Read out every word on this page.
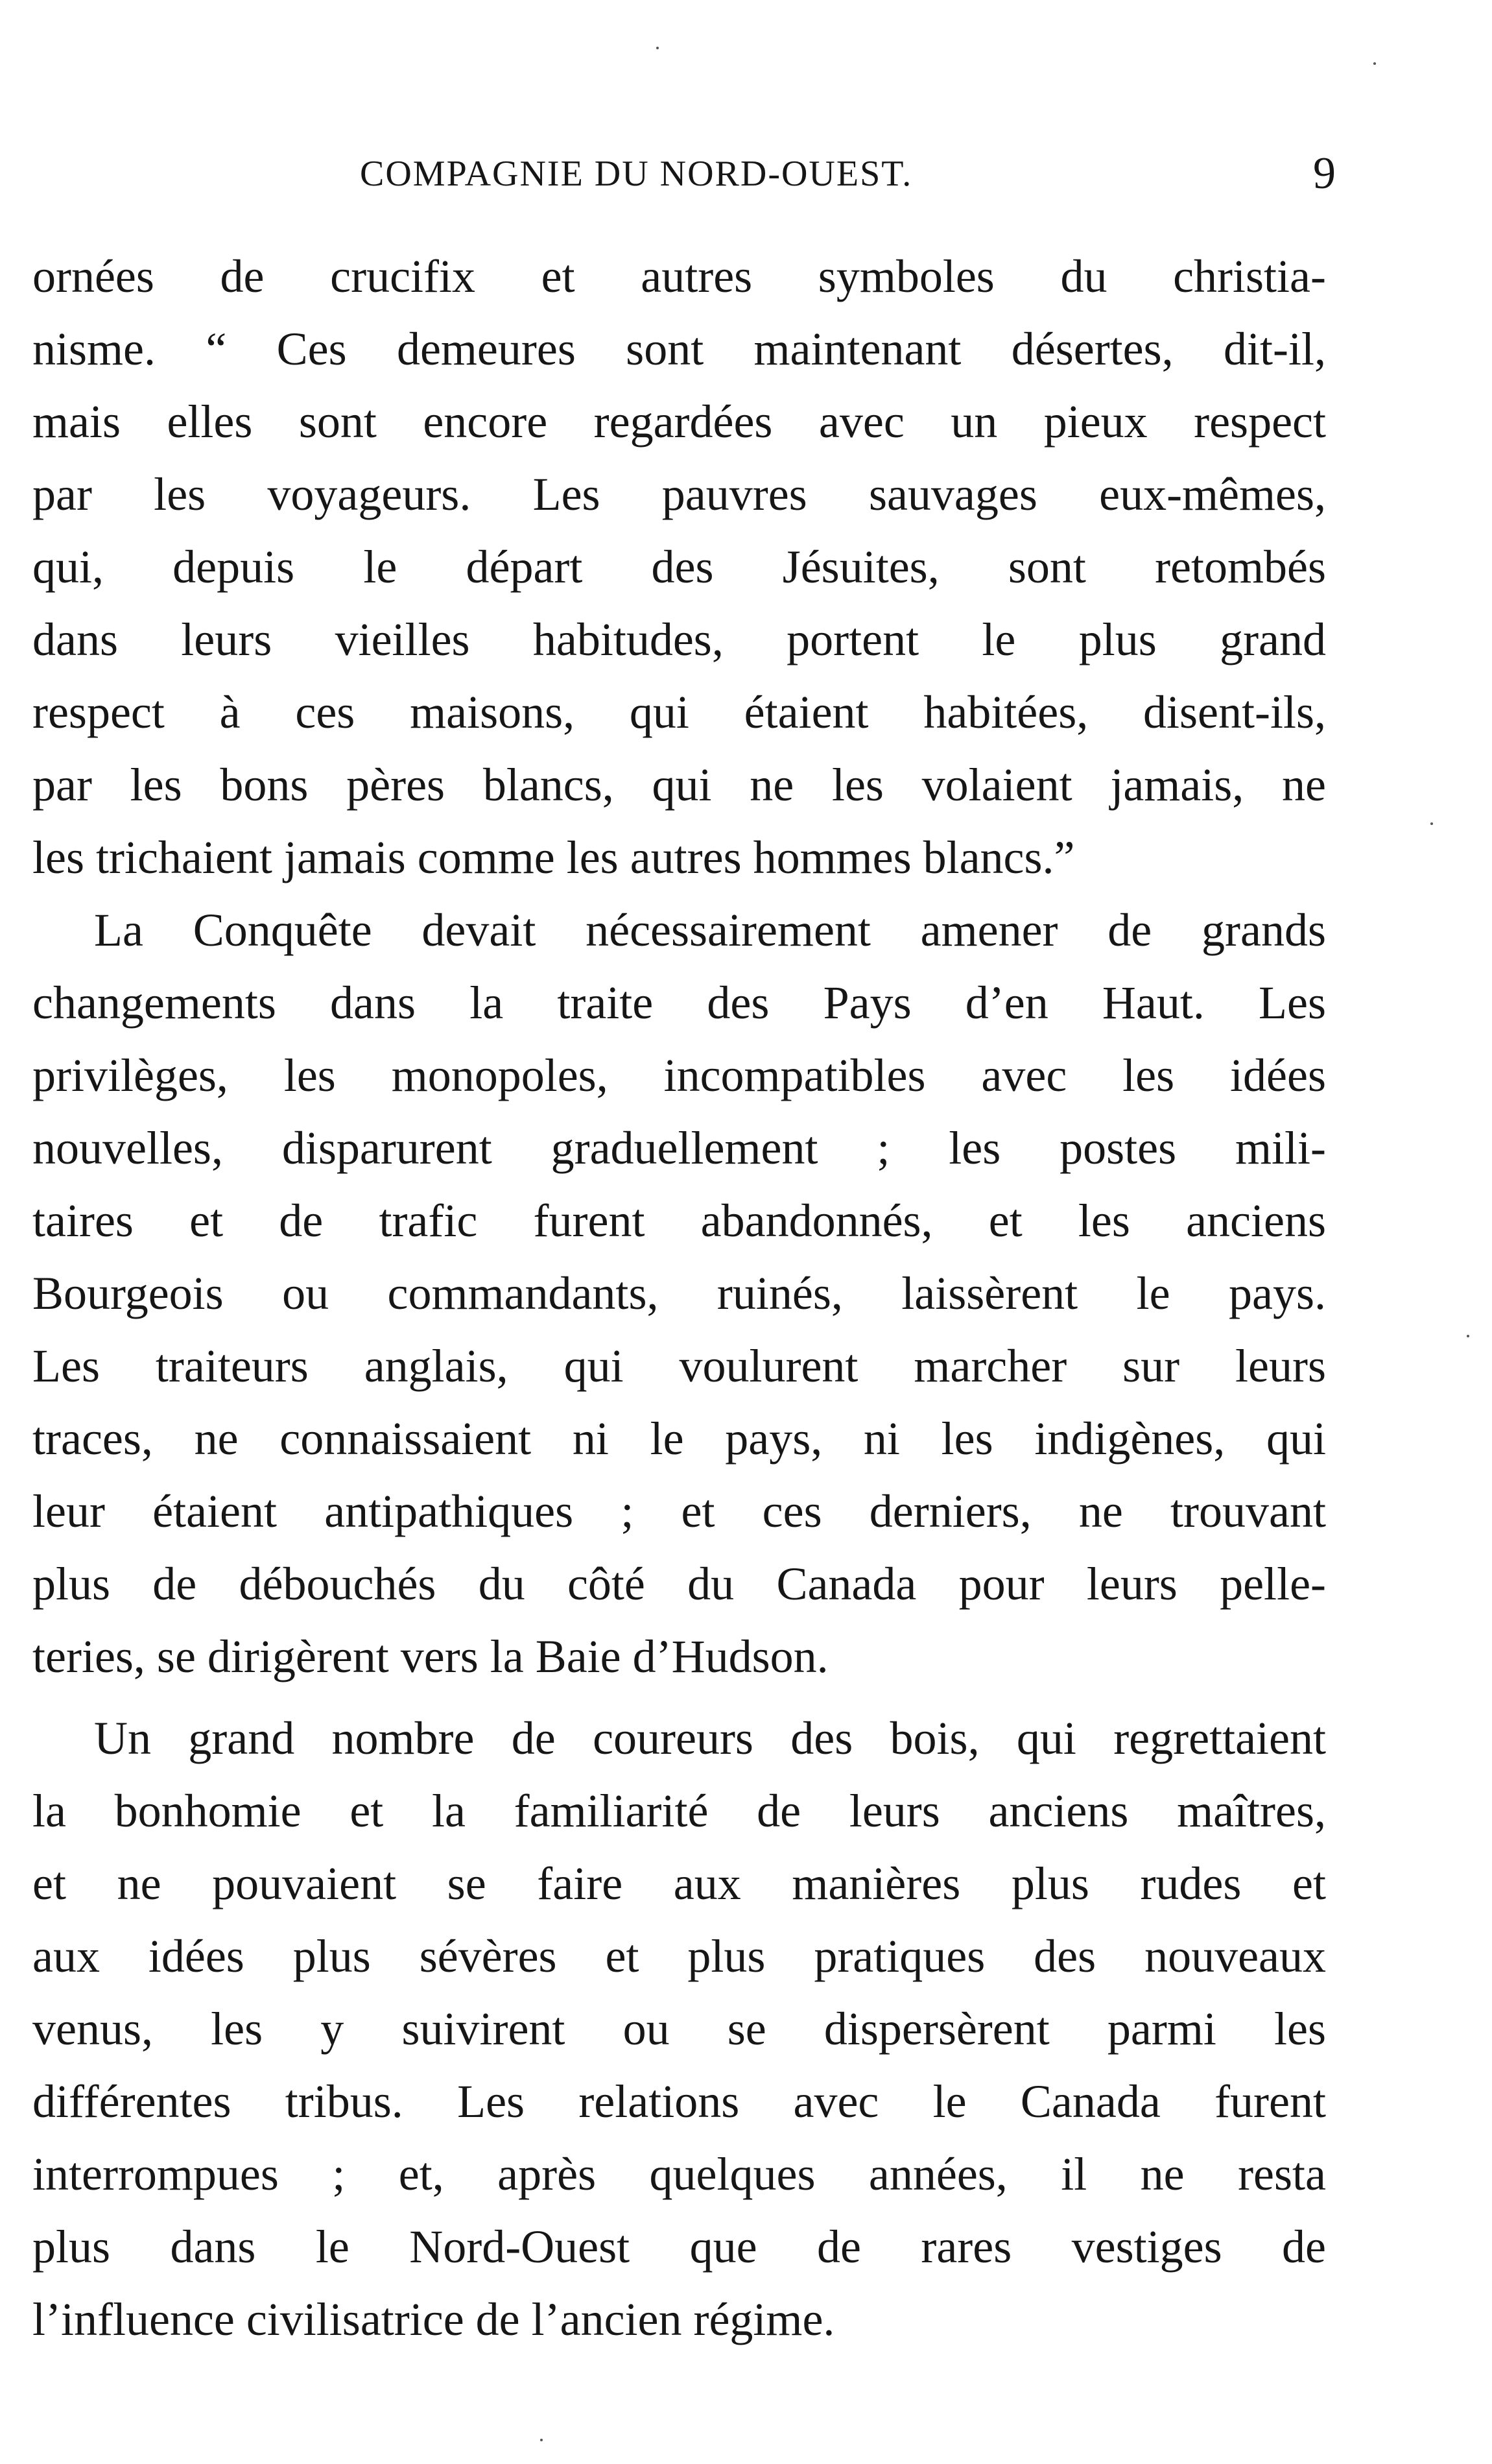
COMPAGNIE DU NORD-OUEST.	9
ornées de crucifix et autres symboles du christia-
nisme. “ Ces demeures sont maintenant désertes, dit-il,
mais elles sont encore regardées avec un pieux respect
par les voyageurs. Les pauvres sauvages eux-mêmes,
qui, depuis le départ des Jésuites, sont retombés
dans leurs vieilles habitudes, portent le plus grand
respect à ces maisons, qui étaient habitées, disent-ils,
par les bons pères blancs, qui ne les volaient jamais, ne
les trichaient jamais comme les autres hommes blancs.”
La Conquête devait nécessairement amener de grands
changements dans la traite des Pays d’en Haut. Les
privilèges, les monopoles, incompatibles avec les idées
nouvelles, disparurent graduellement ; les postes mili-
taires et de trafic furent abandonnés, et les anciens
Bourgeois ou commandants, ruinés, laissèrent le pays.
Les traiteurs anglais, qui voulurent marcher sur leurs
traces, ne connaissaient ni le pays, ni les indigènes, qui
leur étaient antipathiques ; et ces derniers, ne trouvant
plus de débouchés du côté du Canada pour leurs pelle-
teries, se dirigèrent vers la Baie d’Hudson.
Un grand nombre de coureurs des bois, qui regrettaient
la bonhomie et la familiarité de leurs anciens maîtres,
et ne pouvaient se faire aux manières plus rudes et
aux idées plus sévères et plus pratiques des nouveaux
venus, les y suivirent ou se dispersèrent parmi les
différentes tribus. Les relations avec le Canada furent
interrompues ; et, après quelques années, il ne resta
plus dans le Nord-Ouest que de rares vestiges de
l’influence civilisatrice de l’ancien régime.
